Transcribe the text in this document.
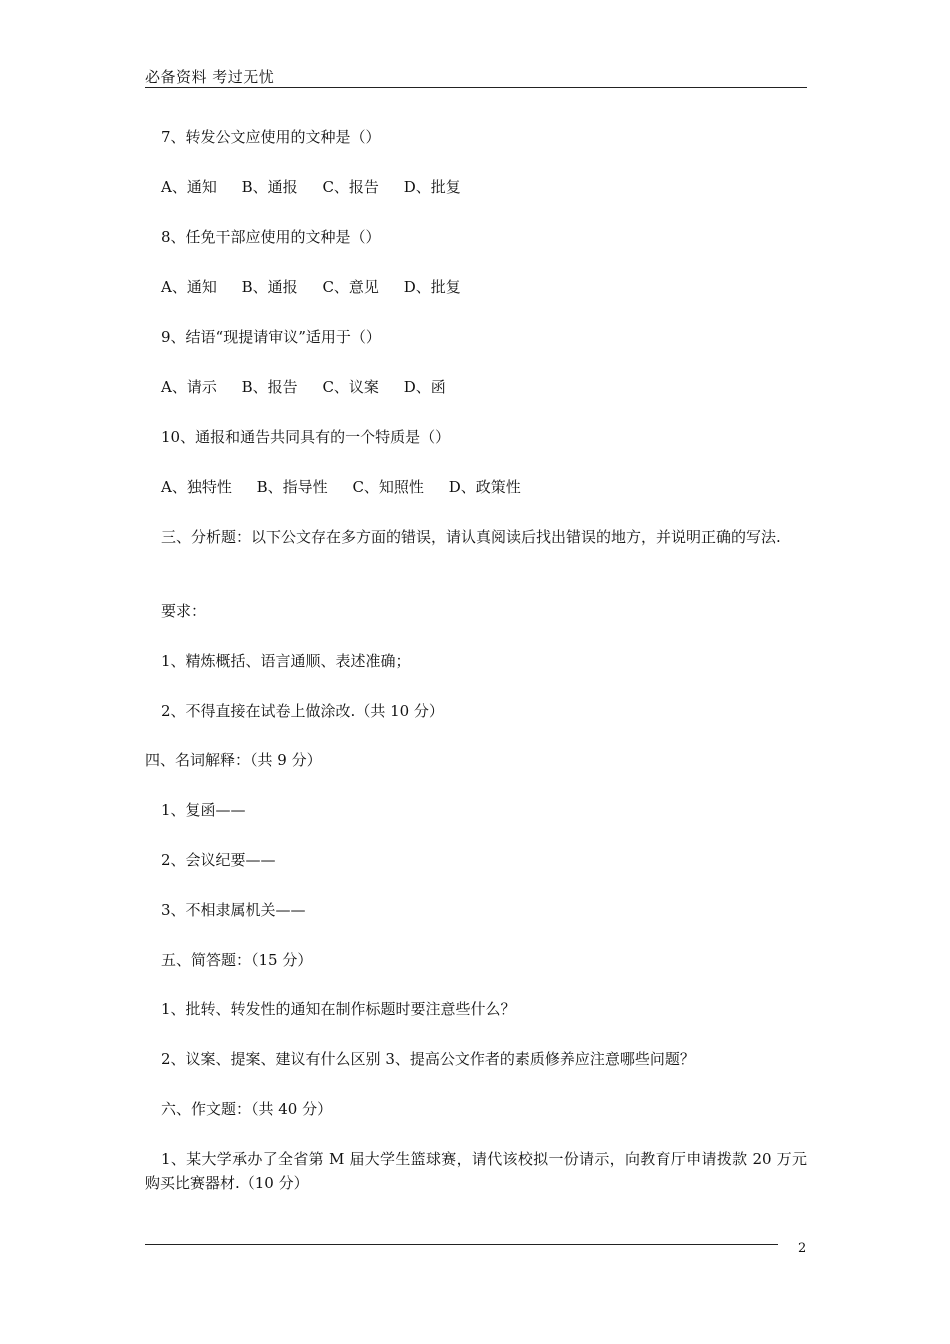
必备资料 考过无忧
7、转发公文应使用的文种是（）
A、通知 B、通报 C、报告 D、批复
8、任免干部应使用的文种是（）
A、通知 B、通报 C、意见 D、批复
9、结语“现提请审议”适用于（）
A、请示 B、报告 C、议案 D、函
10、通报和通告共同具有的一个特质是（）
A、独特性 B、指导性 C、知照性 D、政策性
三、分析题：以下公文存在多方面的错误，请认真阅读后找出错误的地方，并说明正确的写法.
要求：
1、精炼概括、语言通顺、表述准确；
2、不得直接在试卷上做涂改.（共 10 分）
四、名词解释：（共 9 分）
1、复函——
2、会议纪要——
3、不相隶属机关——
五、简答题：（15 分）
1、批转、转发性的通知在制作标题时要注意些什么？
2、议案、提案、建议有什么区别 3、提高公文作者的素质修养应注意哪些问题？
六、作文题：（共 40 分）
1、某大学承办了全省第 M 届大学生篮球赛，请代该校拟一份请示，向教育厅申请拨款 20 万元购买比赛器材.（10 分）
2
